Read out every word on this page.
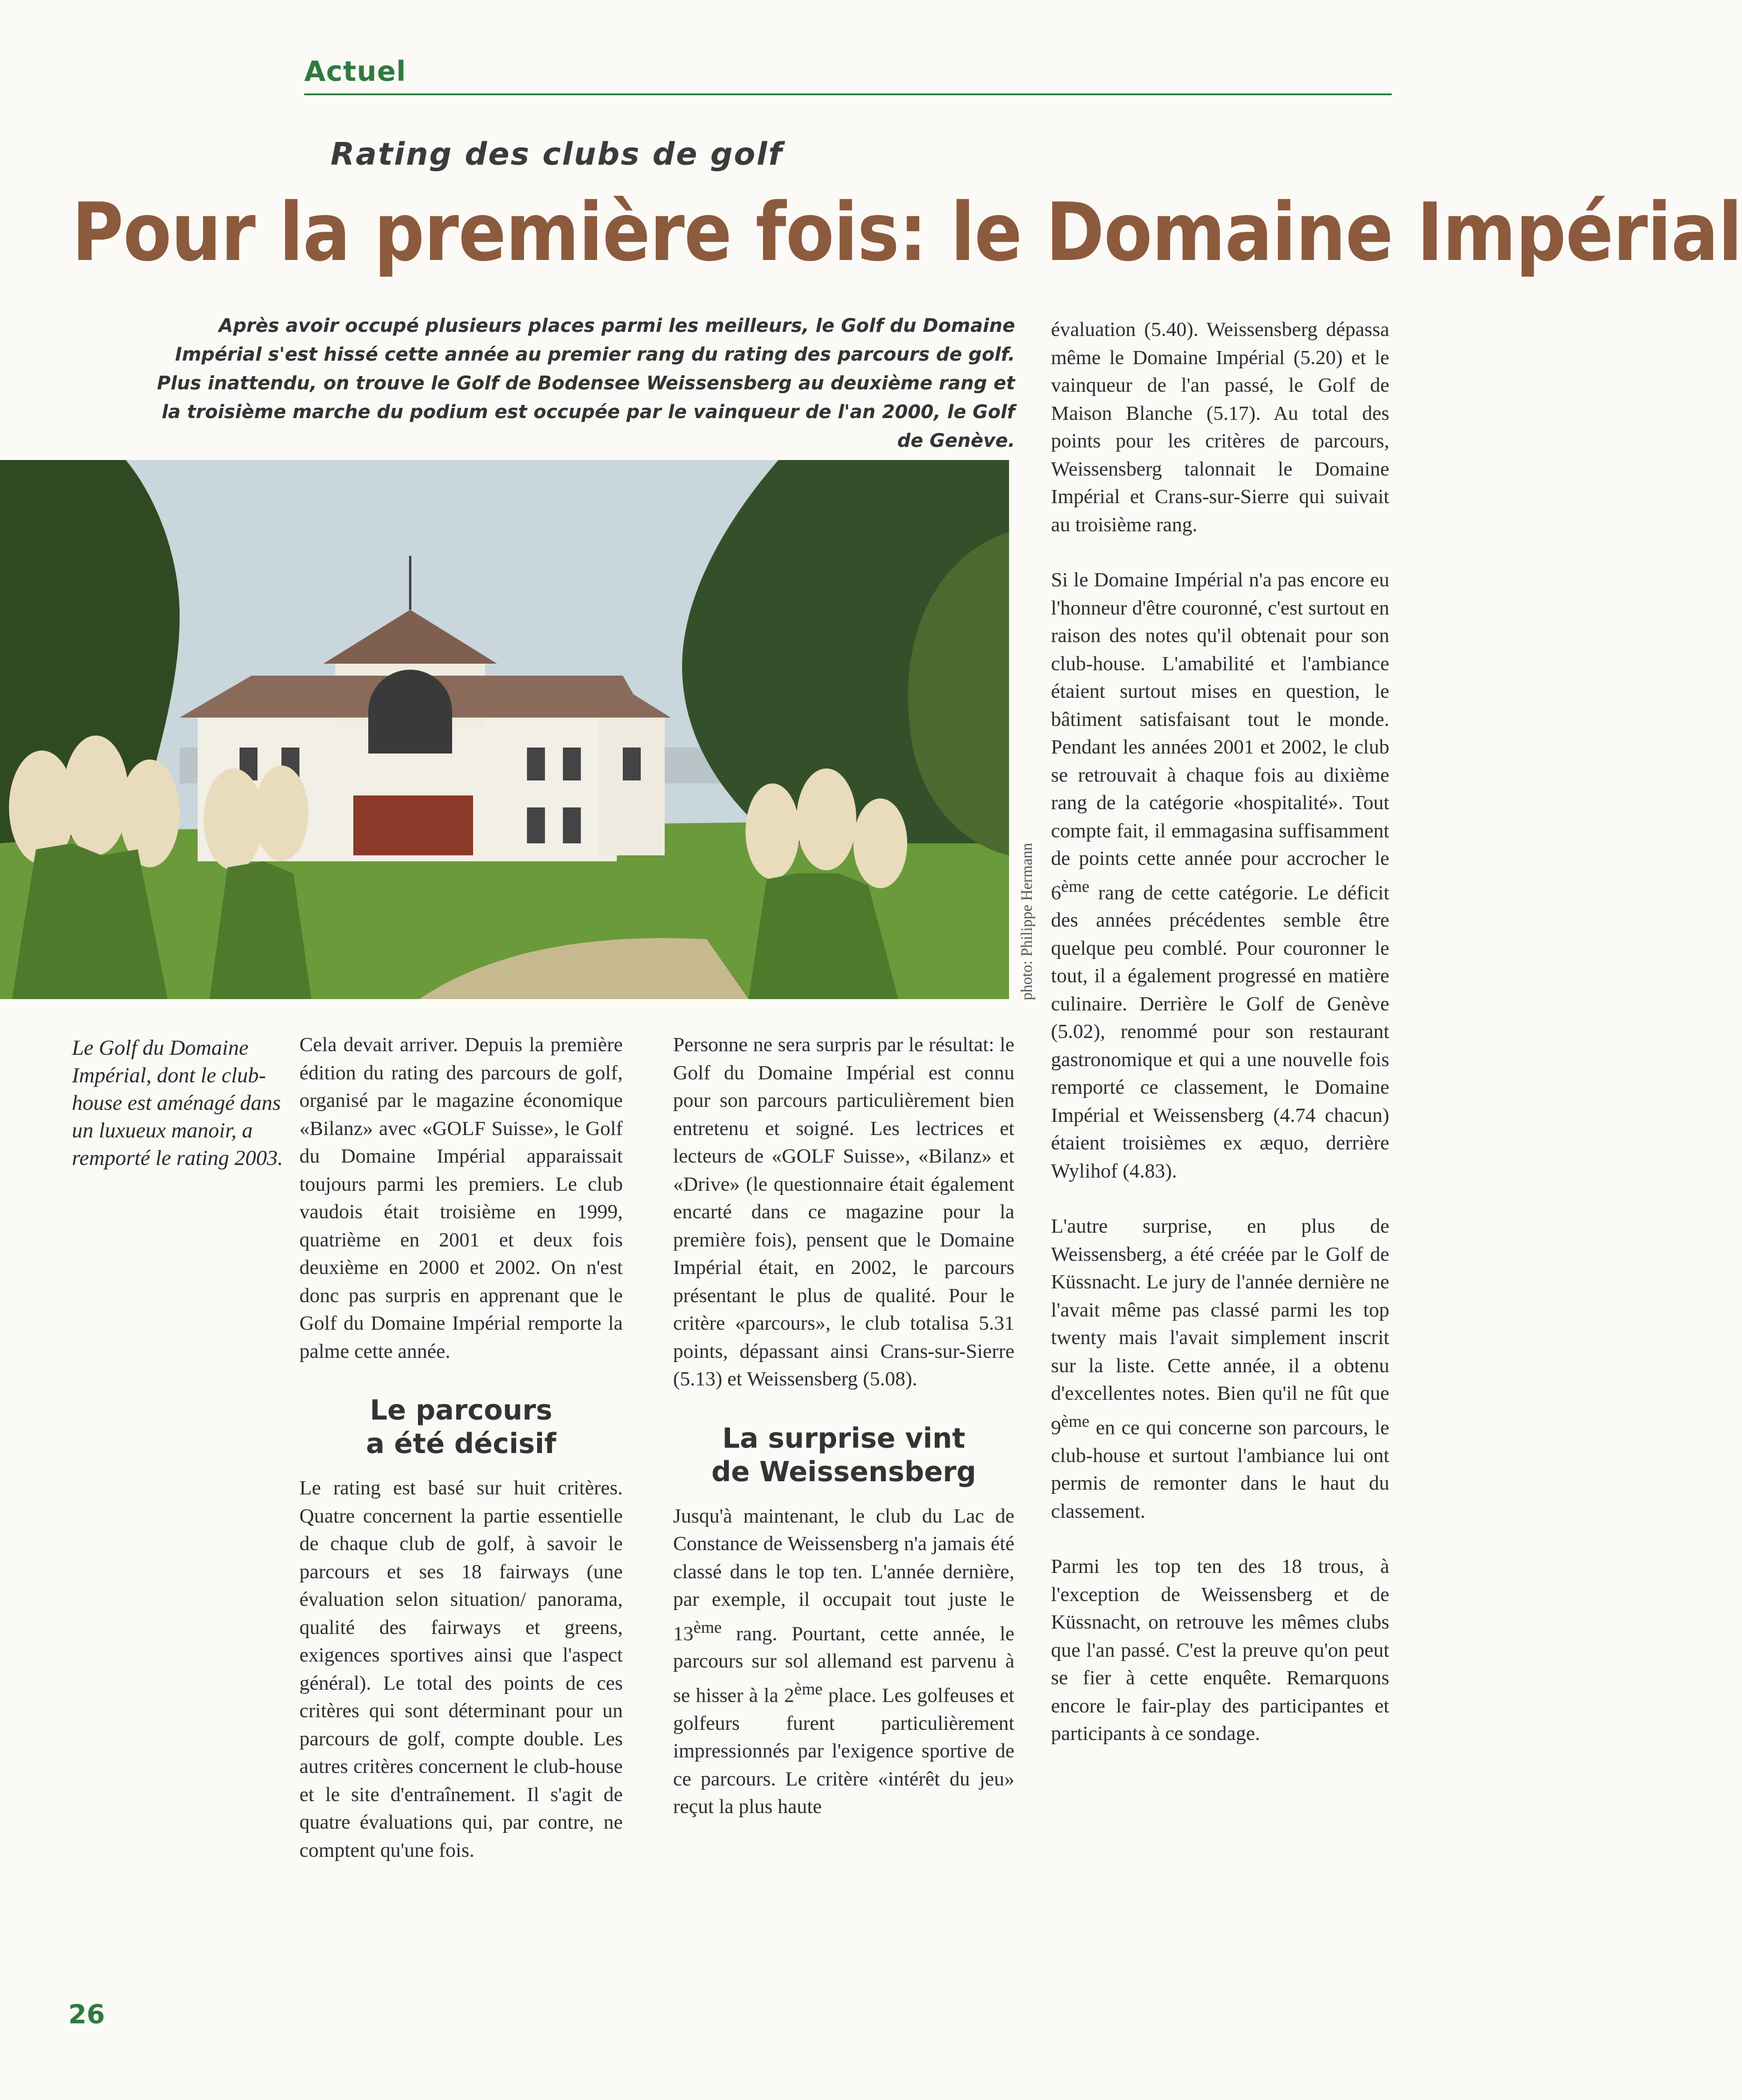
Actuel
Rating des clubs de golf
Pour la première fois: le Domaine Impérial

Après avoir occupé plusieurs places parmi les meilleurs, le Golf du Domaine Impérial s'est hissé cette année au premier rang du rating des parcours de golf. Plus inattendu, on trouve le Golf de Bodensee Weissensberg au deuxième rang et la troisième marche du podium est occupée par le vainqueur de l'an 2000, le Golf de Genève.

photo: Philippe Hermann

Le Golf du Domaine Impérial, dont le club-house est aménagé dans un luxueux manoir, a remporté le rating 2003.

Cela devait arriver. Depuis la première édition du rating des parcours de golf, organisé par le magazine économique «Bilanz» avec «GOLF Suisse», le Golf du Domaine Impérial apparaissait toujours parmi les premiers. Le club vaudois était troisième en 1999, quatrième en 2001 et deux fois deuxième en 2000 et 2002. On n'est donc pas surpris en apprenant que le Golf du Domaine Impérial remporte la palme cette année.

Le parcours
a été décisif

Le rating est basé sur huit critères. Quatre concernent la partie essentielle de chaque club de golf, à savoir le parcours et ses 18 fairways (une évaluation selon situation/ panorama, qualité des fairways et greens, exigences sportives ainsi que l'aspect général). Le total des points de ces critères qui sont déterminant pour un parcours de golf, compte double. Les autres critères concernent le club-house et le site d'entraînement. Il s'agit de quatre évaluations qui, par contre, ne comptent qu'une fois.

Personne ne sera surpris par le résultat: le Golf du Domaine Impérial est connu pour son parcours particulièrement bien entretenu et soigné. Les lectrices et lecteurs de «GOLF Suisse», «Bilanz» et «Drive» (le questionnaire était également encarté dans ce magazine pour la première fois), pensent que le Domaine Impérial était, en 2002, le parcours présentant le plus de qualité. Pour le critère «parcours», le club totalisa 5.31 points, dépassant ainsi Crans-sur-Sierre (5.13) et Weissensberg (5.08).

La surprise vint
de Weissensberg

Jusqu'à maintenant, le club du Lac de Constance de Weissensberg n'a jamais été classé dans le top ten. L'année dernière, par exemple, il occupait tout juste le 13ème rang. Pourtant, cette année, le parcours sur sol allemand est parvenu à se hisser à la 2ème place. Les golfeuses et golfeurs furent particulièrement impressionnés par l'exigence sportive de ce parcours. Le critère «intérêt du jeu» reçut la plus haute

évaluation (5.40). Weissensberg dépassa même le Domaine Impérial (5.20) et le vainqueur de l'an passé, le Golf de Maison Blanche (5.17). Au total des points pour les critères de parcours, Weissensberg talonnait le Domaine Impérial et Crans-sur-Sierre qui suivait au troisième rang.

Si le Domaine Impérial n'a pas encore eu l'honneur d'être couronné, c'est surtout en raison des notes qu'il obtenait pour son club-house. L'amabilité et l'ambiance étaient surtout mises en question, le bâtiment satisfaisant tout le monde. Pendant les années 2001 et 2002, le club se retrouvait à chaque fois au dixième rang de la catégorie «hospitalité». Tout compte fait, il emmagasina suffisamment de points cette année pour accrocher le 6ème rang de cette catégorie. Le déficit des années précédentes semble être quelque peu comblé. Pour couronner le tout, il a également progressé en matière culinaire. Derrière le Golf de Genève (5.02), renommé pour son restaurant gastronomique et qui a une nouvelle fois remporté ce classement, le Domaine Impérial et Weissensberg (4.74 chacun) étaient troisièmes ex æquo, derrière Wylihof (4.83).

L'autre surprise, en plus de Weissensberg, a été créée par le Golf de Küssnacht. Le jury de l'année dernière ne l'avait même pas classé parmi les top twenty mais l'avait simplement inscrit sur la liste. Cette année, il a obtenu d'excellentes notes. Bien qu'il ne fût que 9ème en ce qui concerne son parcours, le club-house et surtout l'ambiance lui ont permis de remonter dans le haut du classement.

Parmi les top ten des 18 trous, à l'exception de Weissensberg et de Küssnacht, on retrouve les mêmes clubs que l'an passé. C'est la preuve qu'on peut se fier à cette enquête. Remarquons encore le fair-play des participantes et participants à ce sondage.

26
